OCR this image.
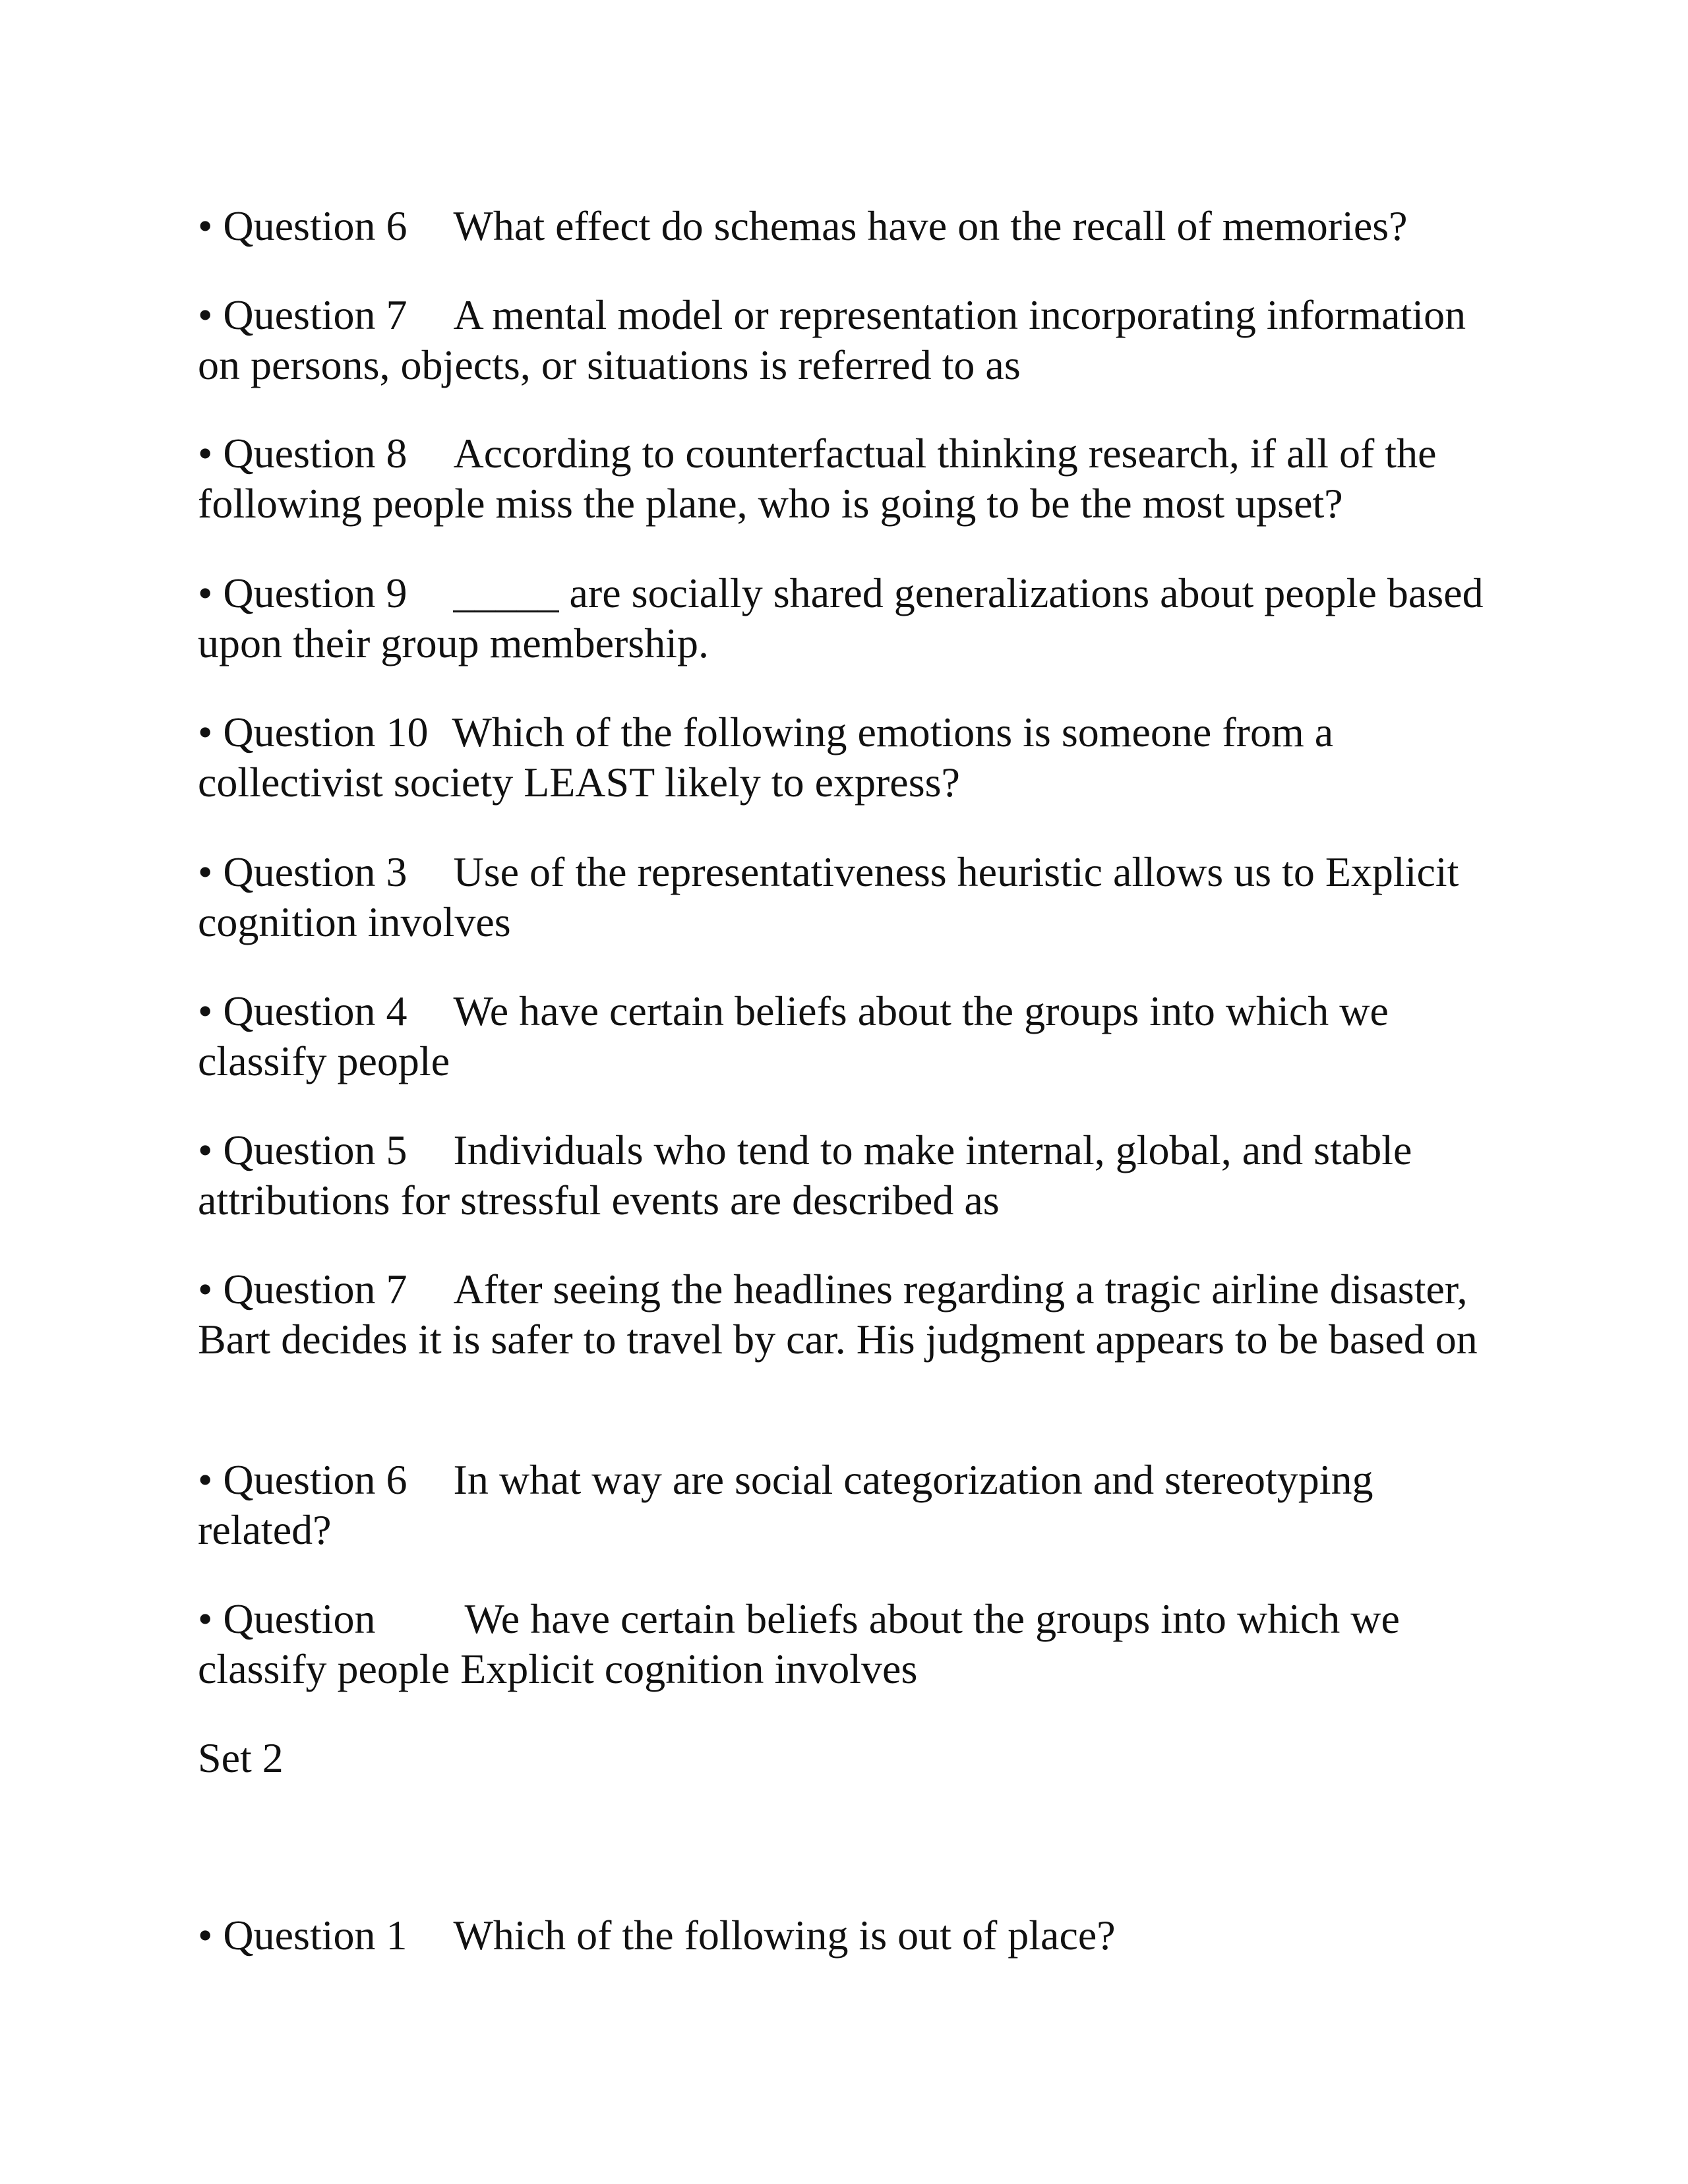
• Question 6 What effect do schemas have on the recall of memories?

• Question 7 A mental model or representation incorporating information on persons, objects, or situations is referred to as

• Question 8 According to counterfactual thinking research, if all of the following people miss the plane, who is going to be the most upset?

• Question 9 _____ are socially shared generalizations about people based upon their group membership.

• Question 10 Which of the following emotions is someone from a collectivist society LEAST likely to express?

• Question 3 Use of the representativeness heuristic allows us to Explicit cognition involves

• Question 4 We have certain beliefs about the groups into which we classify people

• Question 5 Individuals who tend to make internal, global, and stable attributions for stressful events are described as

• Question 7 After seeing the headlines regarding a tragic airline disaster, Bart decides it is safer to travel by car. His judgment appears to be based on

• Question 6 In what way are social categorization and stereotyping related?

• Question We have certain beliefs about the groups into which we classify people Explicit cognition involves

Set 2

• Question 1 Which of the following is out of place?
